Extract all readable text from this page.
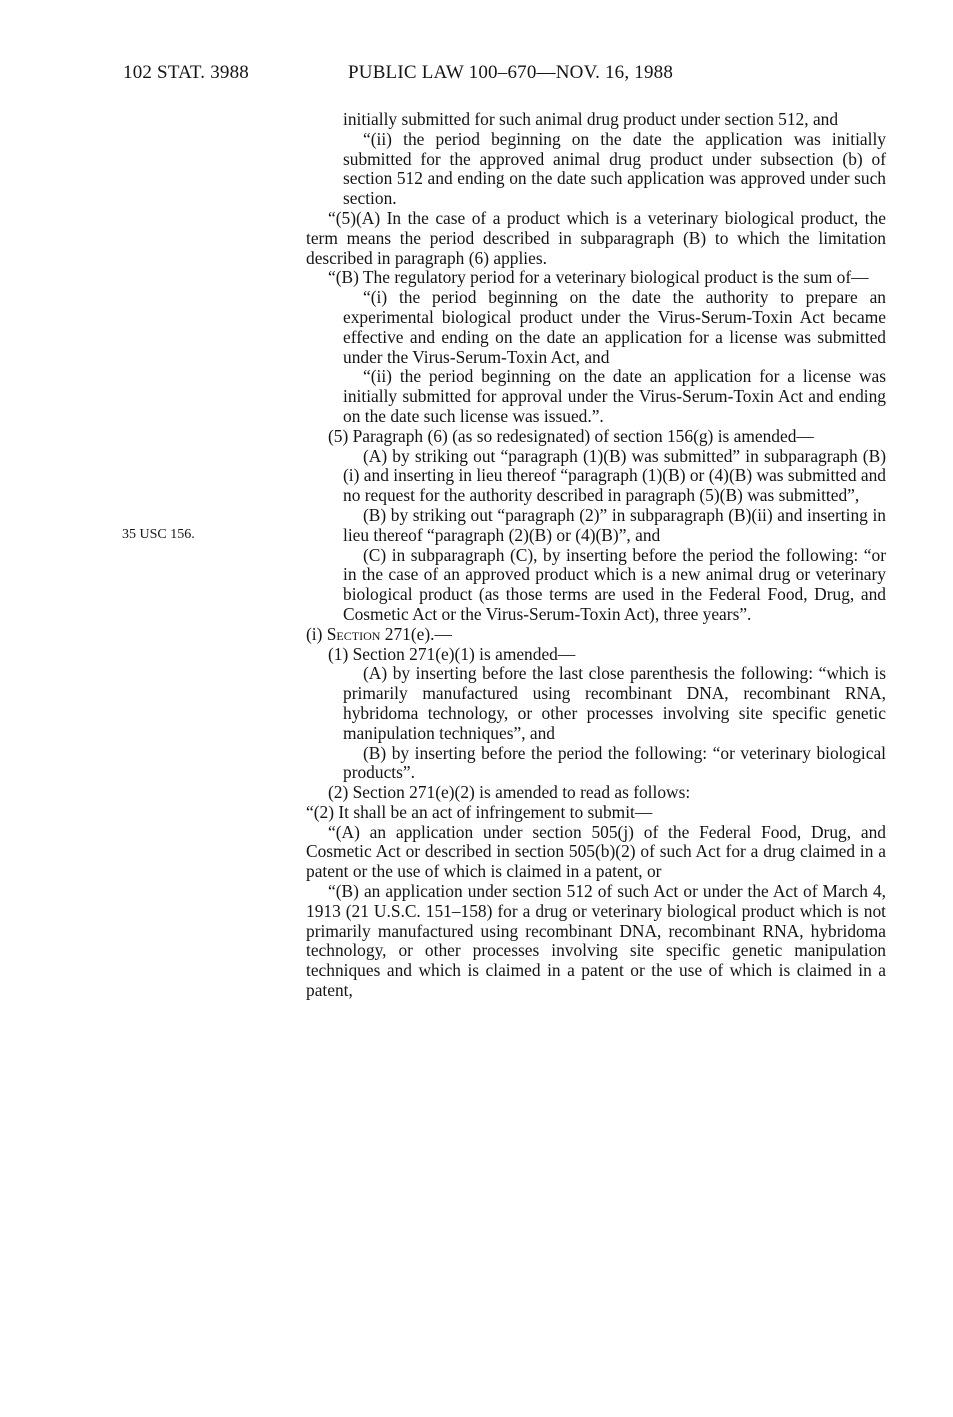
102 STAT. 3988	PUBLIC LAW 100–670—NOV. 16, 1988
35 USC 156.

initially submitted for such animal drug product under section 512, and

“(ii) the period beginning on the date the application was initially submitted for the approved animal drug product under subsection (b) of section 512 and ending on the date such application was approved under such section.

“(5)(A) In the case of a product which is a veterinary biological product, the term means the period described in subparagraph (B) to which the limitation described in paragraph (6) applies.

“(B) The regulatory period for a veterinary biological product is the sum of—

“(i) the period beginning on the date the authority to prepare an experimental biological product under the Virus-Serum-Toxin Act became effective and ending on the date an application for a license was submitted under the Virus-Serum-Toxin Act, and

“(ii) the period beginning on the date an application for a license was initially submitted for approval under the Virus-Serum-Toxin Act and ending on the date such license was issued.”.

(5) Paragraph (6) (as so redesignated) of section 156(g) is amended—

(A) by striking out “paragraph (1)(B) was submitted” in subparagraph (B)(i) and inserting in lieu thereof “paragraph (1)(B) or (4)(B) was submitted and no request for the authority described in paragraph (5)(B) was submitted”,

(B) by striking out “paragraph (2)” in subparagraph (B)(ii) and inserting in lieu thereof “paragraph (2)(B) or (4)(B)”, and

(C) in subparagraph (C), by inserting before the period the following: “or in the case of an approved product which is a new animal drug or veterinary biological product (as those terms are used in the Federal Food, Drug, and Cosmetic Act or the Virus-Serum-Toxin Act), three years”.

(i) Section 271(e).—

(1) Section 271(e)(1) is amended—

(A) by inserting before the last close parenthesis the following: “which is primarily manufactured using recombinant DNA, recombinant RNA, hybridoma technology, or other processes involving site specific genetic manipulation techniques”, and

(B) by inserting before the period the following: “or veterinary biological products”.

(2) Section 271(e)(2) is amended to read as follows:

“(2) It shall be an act of infringement to submit—

“(A) an application under section 505(j) of the Federal Food, Drug, and Cosmetic Act or described in section 505(b)(2) of such Act for a drug claimed in a patent or the use of which is claimed in a patent, or

“(B) an application under section 512 of such Act or under the Act of March 4, 1913 (21 U.S.C. 151–158) for a drug or veterinary biological product which is not primarily manufactured using recombinant DNA, recombinant RNA, hybridoma technology, or other processes involving site specific genetic manipulation techniques and which is claimed in a patent or the use of which is claimed in a patent,
